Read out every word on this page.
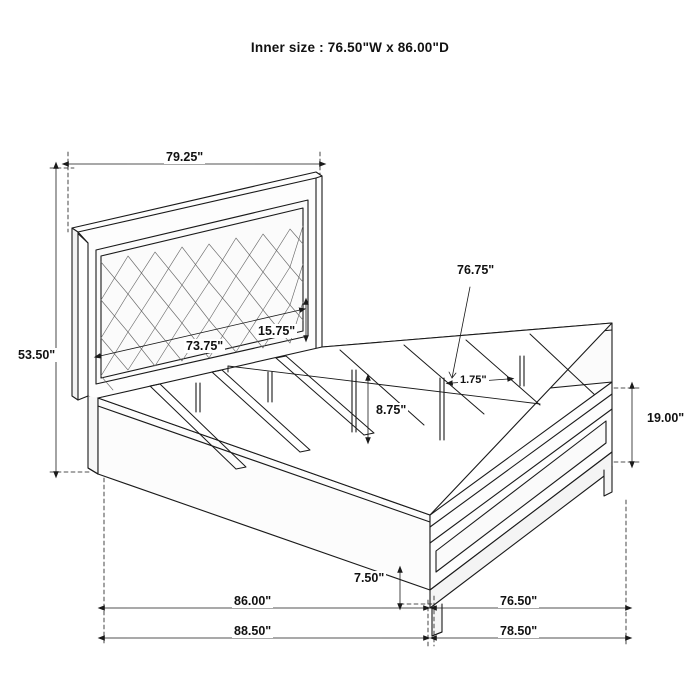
Inner size : 76.50"W x 86.00"D
79.25"
53.50"
73.75"
15.75"
76.75"
1.75"
8.75"
19.00"
7.50"
86.00"	76.50"
88.50"	78.50"
